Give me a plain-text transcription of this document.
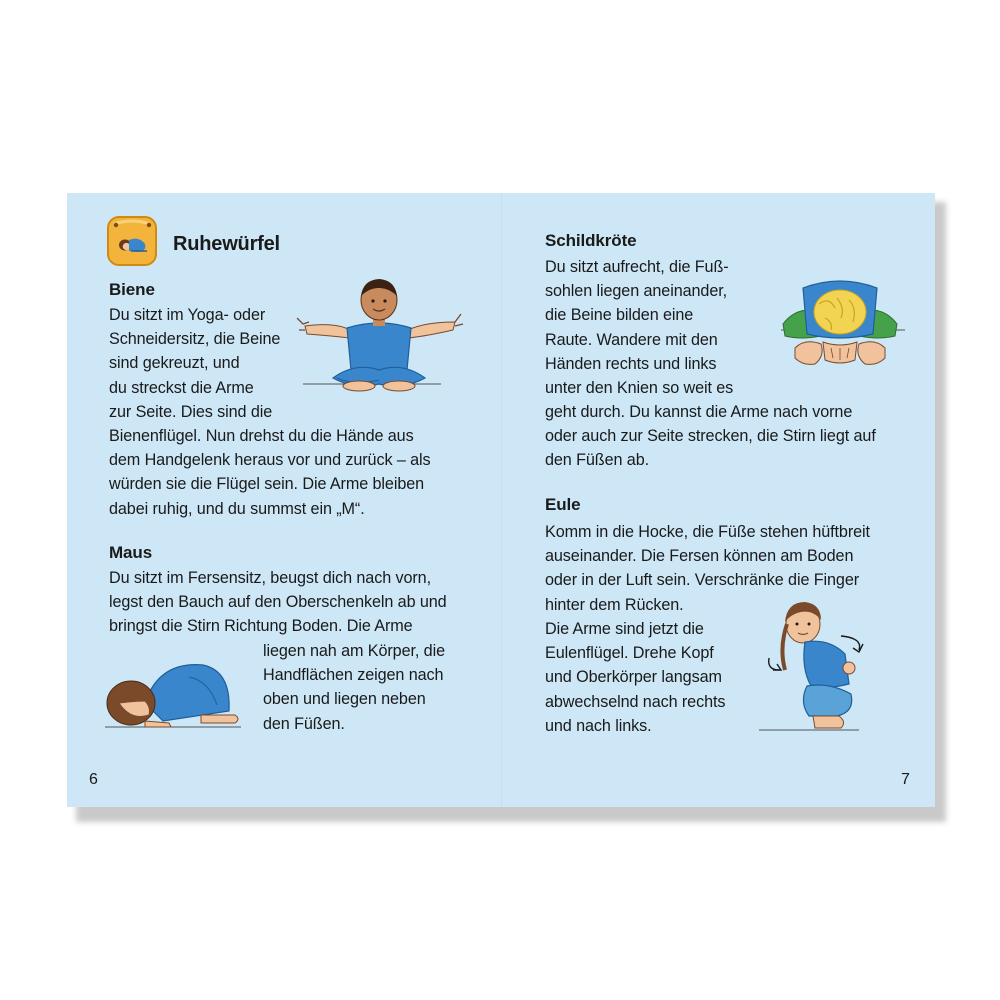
Ruhewürfel
Biene
Du sitzt im Yoga- oder
Schneidersitz, die Beine
sind gekreuzt, und
du streckst die Arme
zur Seite. Dies sind die
Bienenflügel. Nun drehst du die Hände aus
dem Handgelenk heraus vor und zurück – als
würden sie die Flügel sein. Die Arme bleiben
dabei ruhig, und du summst ein „M“.
Maus
Du sitzt im Fersensitz, beugst dich nach vorn,
legst den Bauch auf den Oberschenkeln ab und
bringst die Stirn Richtung Boden. Die Arme
liegen nah am Körper, die
Handflächen zeigen nach
oben und liegen neben
den Füßen.
6
Schildkröte
Du sitzt aufrecht, die Fuß-
sohlen liegen aneinander,
die Beine bilden eine
Raute. Wandere mit den
Händen rechts und links
unter den Knien so weit es
geht durch. Du kannst die Arme nach vorne
oder auch zur Seite strecken, die Stirn liegt auf
den Füßen ab.
Eule
Komm in die Hocke, die Füße stehen hüftbreit
auseinander. Die Fersen können am Boden
oder in der Luft sein. Verschränke die Finger
hinter dem Rücken.
Die Arme sind jetzt die
Eulenflügel. Drehe Kopf
und Oberkörper langsam
abwechselnd nach rechts
und nach links.
7
